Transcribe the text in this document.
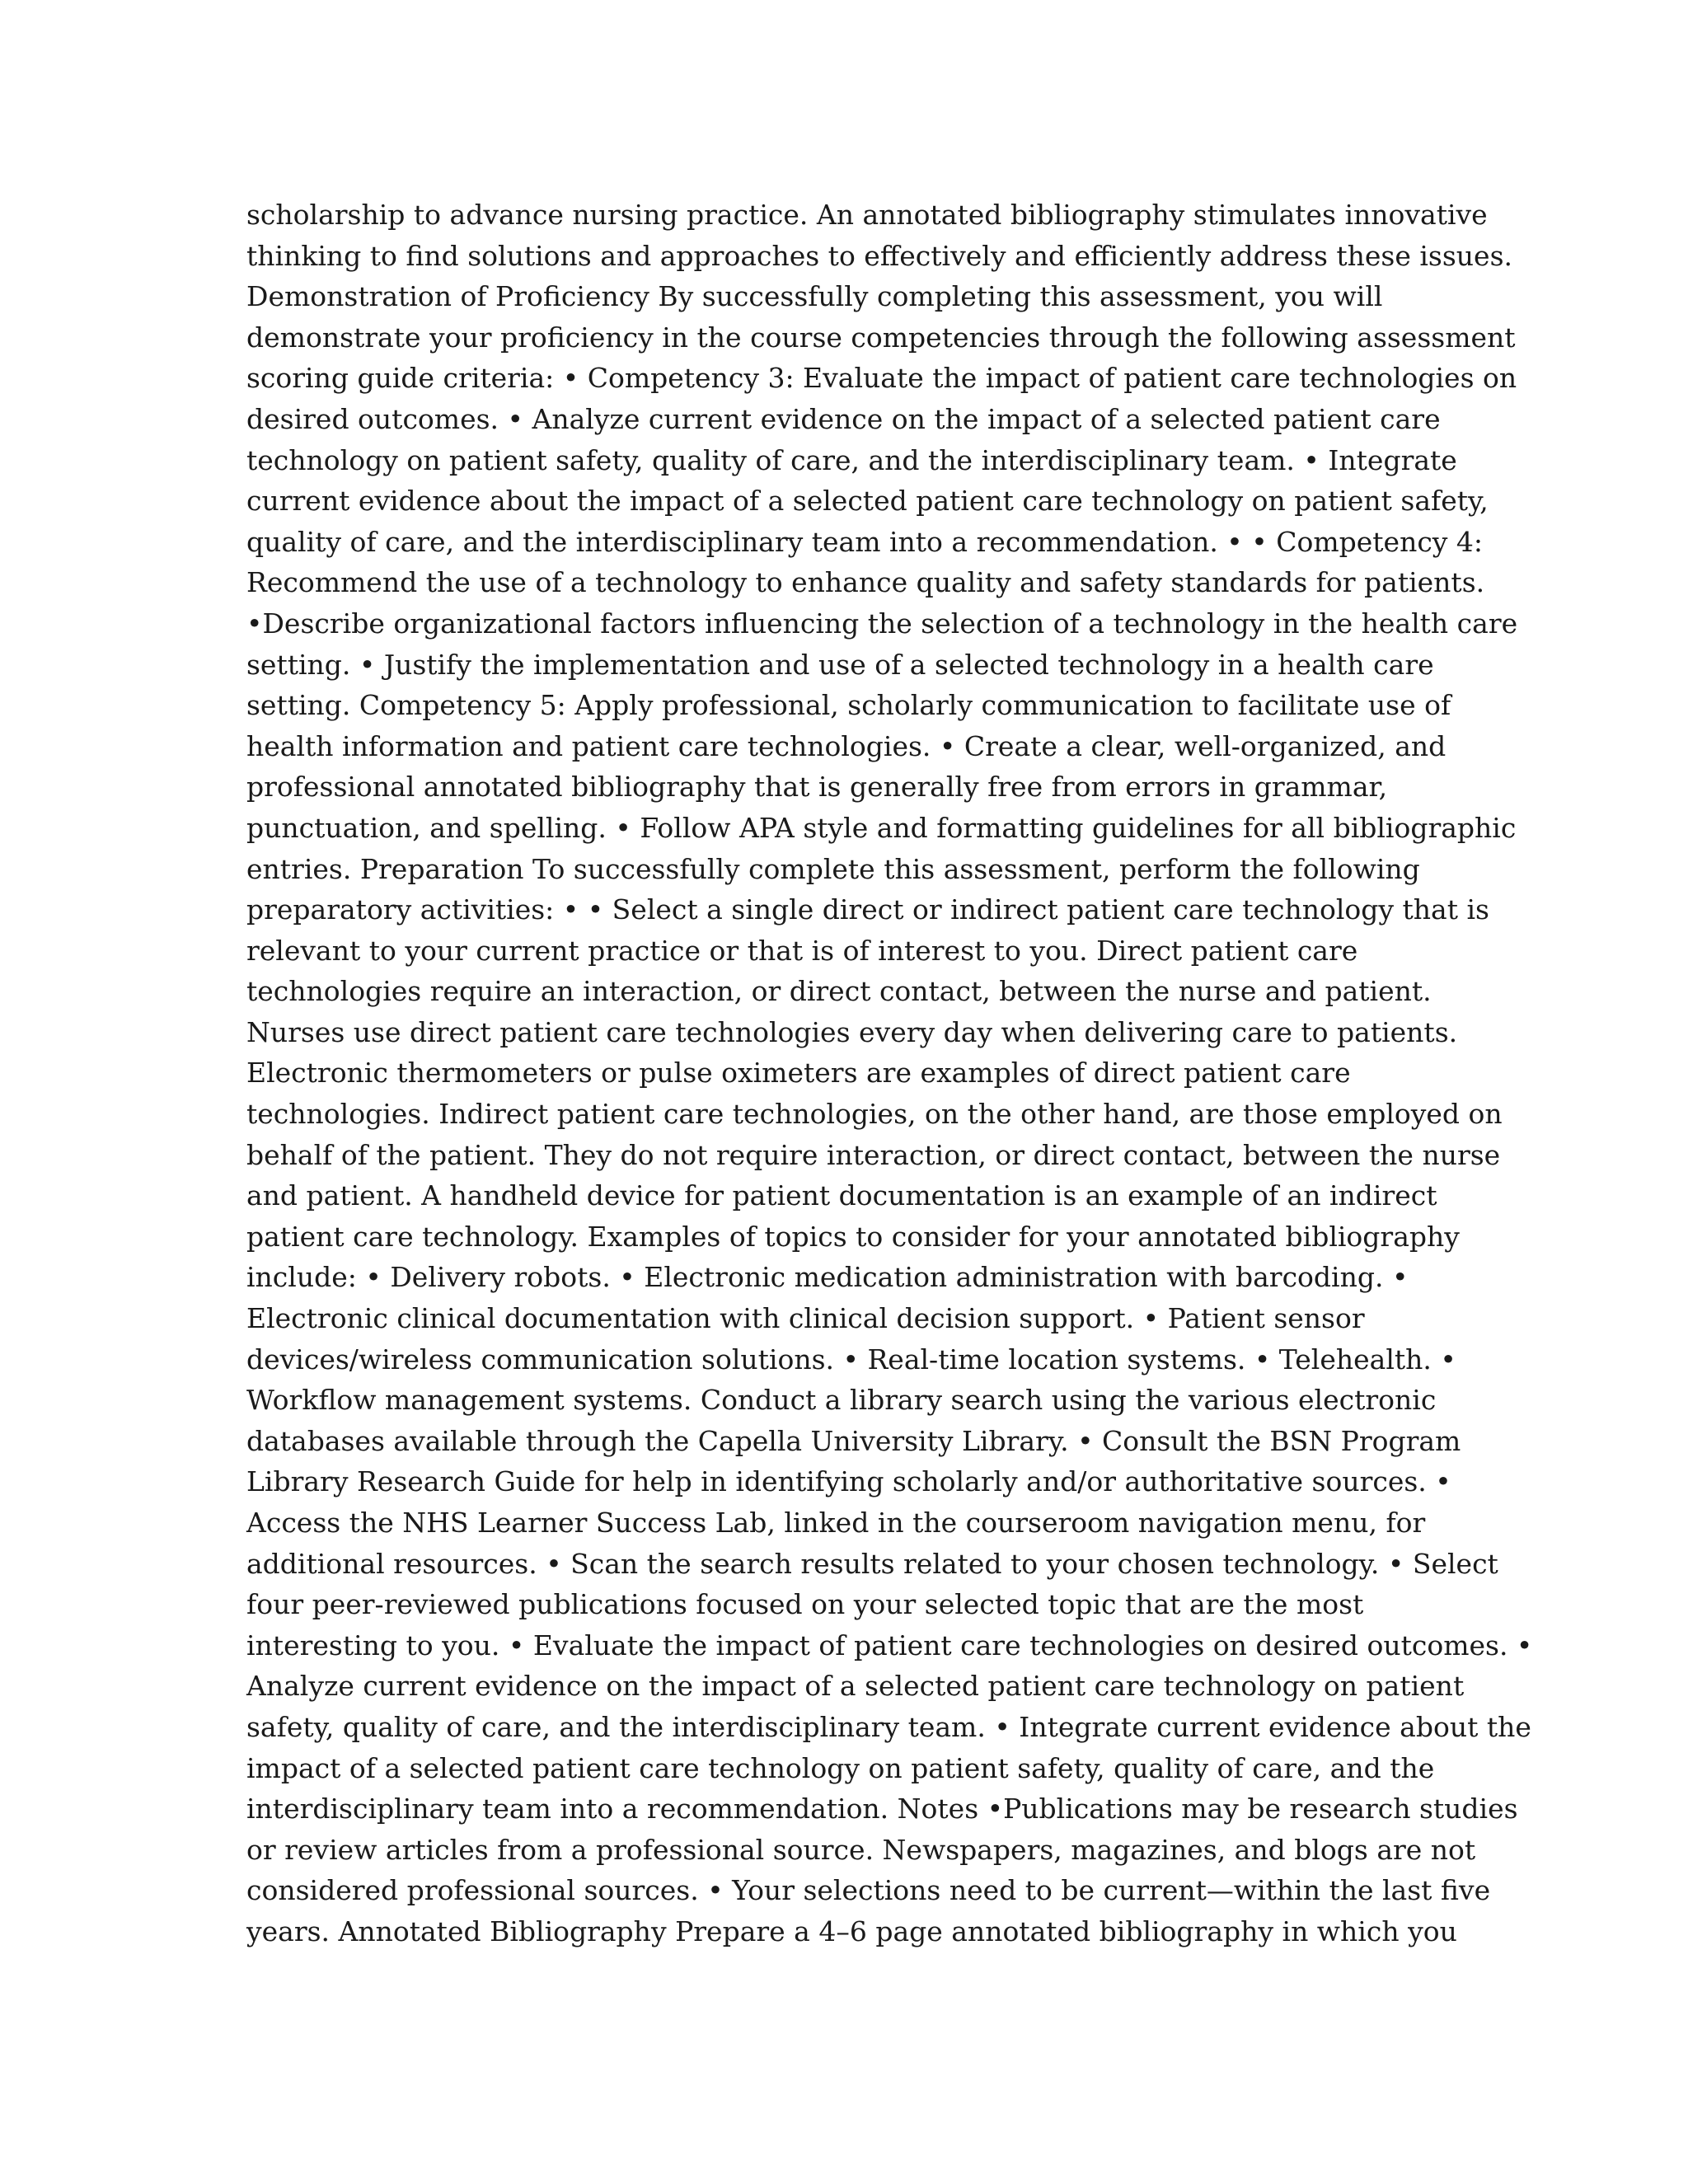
scholarship to advance nursing practice. An annotated bibliography stimulates innovative
thinking to find solutions and approaches to effectively and efficiently address these issues.
Demonstration of Proficiency By successfully completing this assessment, you will
demonstrate your proficiency in the course competencies through the following assessment
scoring guide criteria: • Competency 3: Evaluate the impact of patient care technologies on
desired outcomes. • Analyze current evidence on the impact of a selected patient care
technology on patient safety, quality of care, and the interdisciplinary team. • Integrate
current evidence about the impact of a selected patient care technology on patient safety,
quality of care, and the interdisciplinary team into a recommendation. • • Competency 4:
Recommend the use of a technology to enhance quality and safety standards for patients.
•Describe organizational factors influencing the selection of a technology in the health care
setting. • Justify the implementation and use of a selected technology in a health care
setting. Competency 5: Apply professional, scholarly communication to facilitate use of
health information and patient care technologies. • Create a clear, well-organized, and
professional annotated bibliography that is generally free from errors in grammar,
punctuation, and spelling. • Follow APA style and formatting guidelines for all bibliographic
entries. Preparation To successfully complete this assessment, perform the following
preparatory activities: • • Select a single direct or indirect patient care technology that is
relevant to your current practice or that is of interest to you. Direct patient care
technologies require an interaction, or direct contact, between the nurse and patient.
Nurses use direct patient care technologies every day when delivering care to patients.
Electronic thermometers or pulse oximeters are examples of direct patient care
technologies. Indirect patient care technologies, on the other hand, are those employed on
behalf of the patient. They do not require interaction, or direct contact, between the nurse
and patient. A handheld device for patient documentation is an example of an indirect
patient care technology. Examples of topics to consider for your annotated bibliography
include: • Delivery robots. • Electronic medication administration with barcoding. •
Electronic clinical documentation with clinical decision support. • Patient sensor
devices/wireless communication solutions. • Real-time location systems. • Telehealth. •
Workflow management systems. Conduct a library search using the various electronic
databases available through the Capella University Library. • Consult the BSN Program
Library Research Guide for help in identifying scholarly and/or authoritative sources. •
Access the NHS Learner Success Lab, linked in the courseroom navigation menu, for
additional resources. • Scan the search results related to your chosen technology. • Select
four peer-reviewed publications focused on your selected topic that are the most
interesting to you. • Evaluate the impact of patient care technologies on desired outcomes. •
Analyze current evidence on the impact of a selected patient care technology on patient
safety, quality of care, and the interdisciplinary team. • Integrate current evidence about the
impact of a selected patient care technology on patient safety, quality of care, and the
interdisciplinary team into a recommendation. Notes •Publications may be research studies
or review articles from a professional source. Newspapers, magazines, and blogs are not
considered professional sources. • Your selections need to be current—within the last five
years. Annotated Bibliography Prepare a 4–6 page annotated bibliography in which you
